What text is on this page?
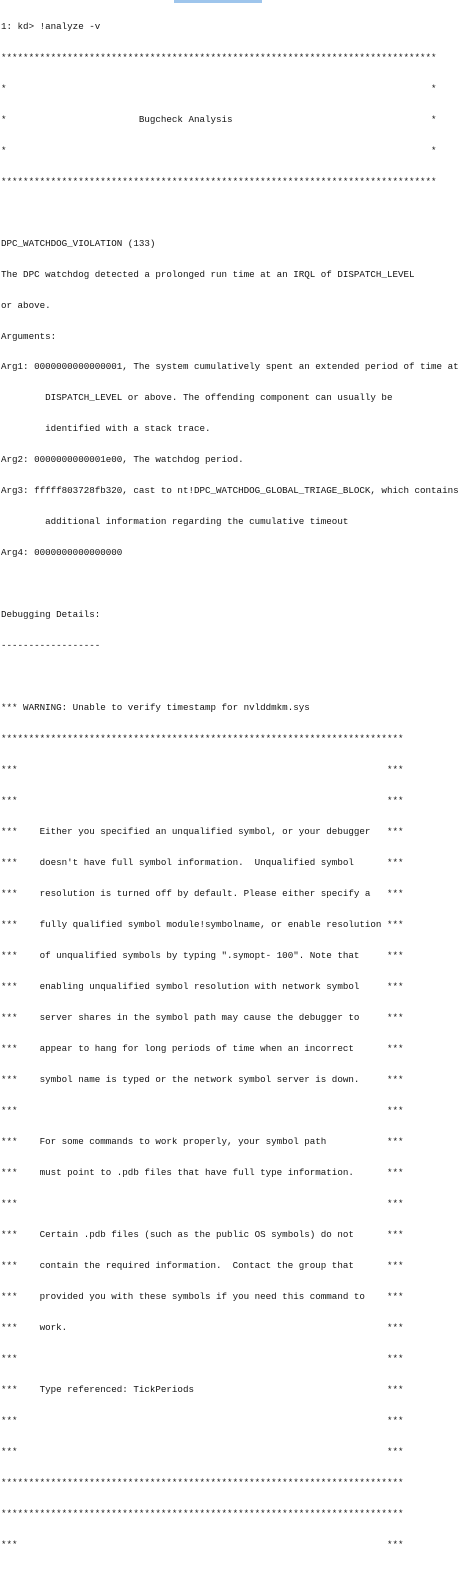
1: kd> !analyze -v

*******************************************************************************

*                                                                             *

*                        Bugcheck Analysis                                    *

*                                                                             *

*******************************************************************************

DPC_WATCHDOG_VIOLATION (133)

The DPC watchdog detected a prolonged run time at an IRQL of DISPATCH_LEVEL

or above.

Arguments:

Arg1: 0000000000000001, The system cumulatively spent an extended period of time at

DISPATCH_LEVEL or above. The offending component can usually be

identified with a stack trace.

Arg2: 0000000000001e00, The watchdog period.

Arg3: fffff803728fb320, cast to nt!DPC_WATCHDOG_GLOBAL_TRIAGE_BLOCK, which contains

additional information regarding the cumulative timeout

Arg4: 0000000000000000

Debugging Details:

------------------

*** WARNING: Unable to verify timestamp for nvlddmkm.sys

*************************************************************************

***                                                                   ***

***                                                                   ***

***    Either you specified an unqualified symbol, or your debugger   ***

***    doesn't have full symbol information.  Unqualified symbol      ***

***    resolution is turned off by default. Please either specify a   ***

***    fully qualified symbol module!symbolname, or enable resolution ***

***    of unqualified symbols by typing ".symopt- 100". Note that     ***

***    enabling unqualified symbol resolution with network symbol     ***

***    server shares in the symbol path may cause the debugger to     ***

***    appear to hang for long periods of time when an incorrect      ***

***    symbol name is typed or the network symbol server is down.     ***

***                                                                   ***

***    For some commands to work properly, your symbol path           ***

***    must point to .pdb files that have full type information.      ***

***                                                                   ***

***    Certain .pdb files (such as the public OS symbols) do not      ***

***    contain the required information.  Contact the group that      ***

***    provided you with these symbols if you need this command to    ***

***    work.                                                          ***

***                                                                   ***

***    Type referenced: TickPeriods                                   ***

***                                                                   ***

***                                                                   ***

*************************************************************************

*************************************************************************

***                                                                   ***
